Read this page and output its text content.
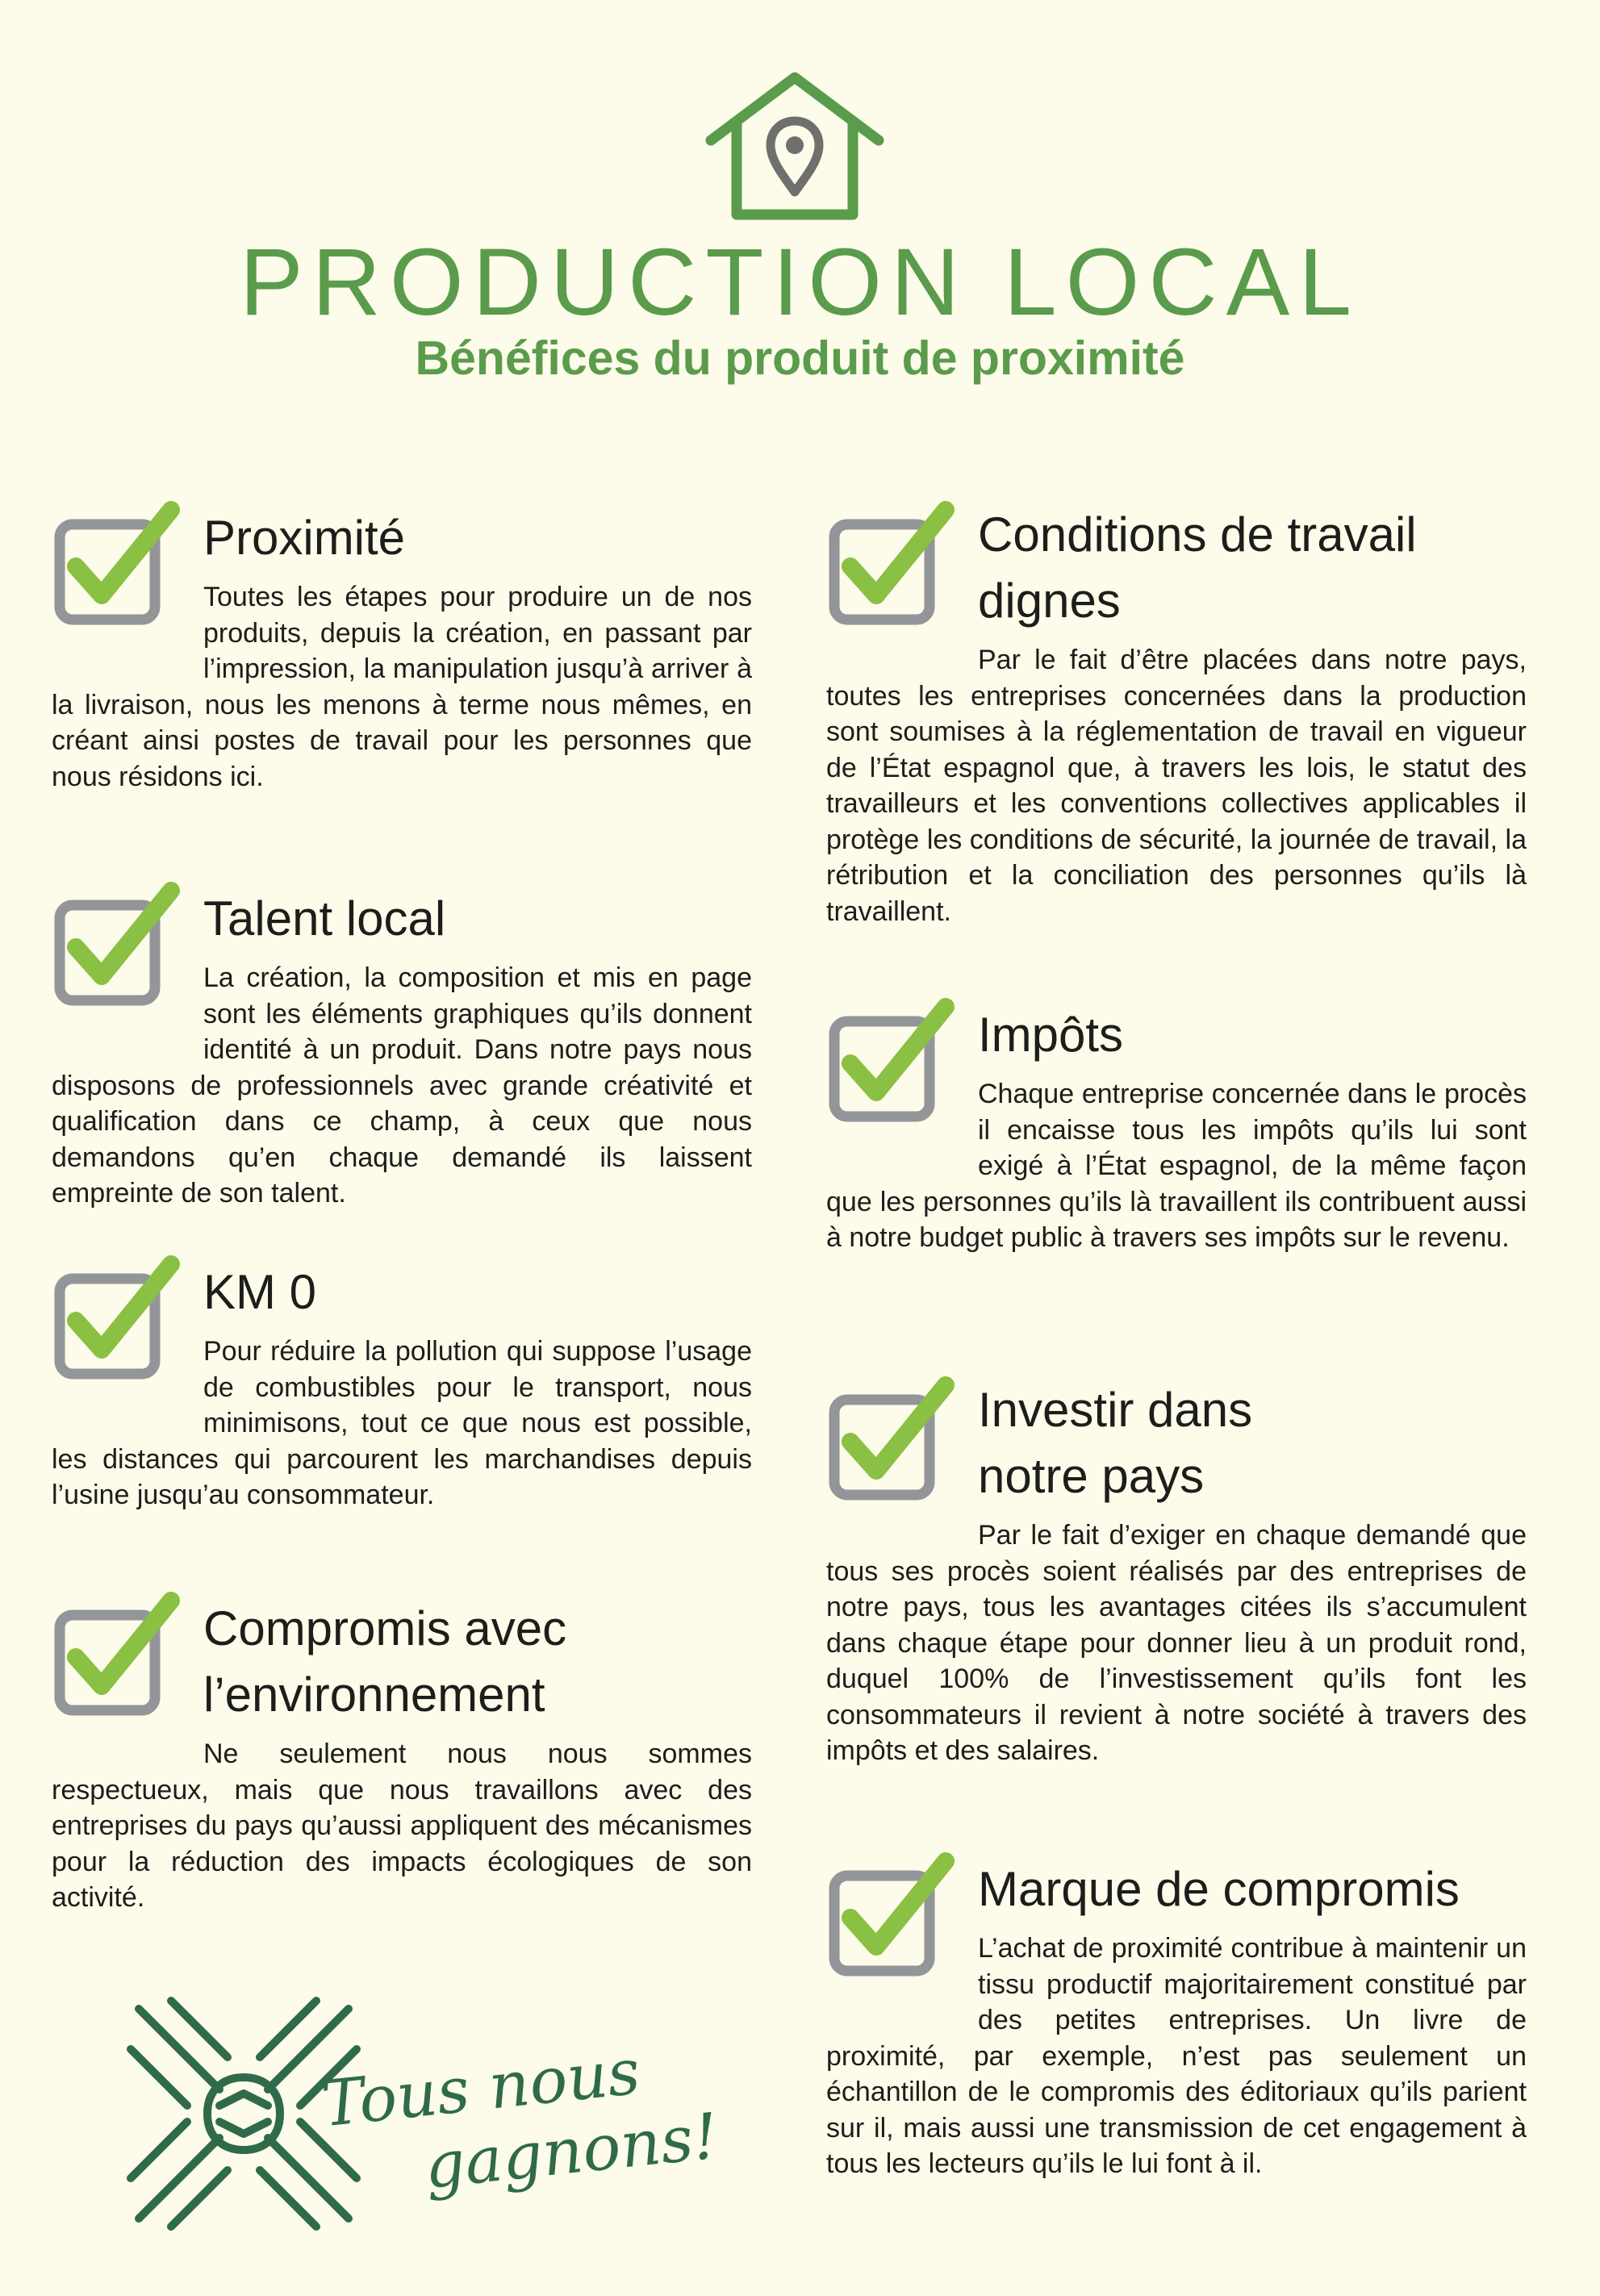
PRODUCTION LOCAL
Bénéfices du produit de proximité
Proximité

Toutes les étapes pour produire un de nos produits, depuis la création, en passant par l’impression, la manipulation jusqu’à arriver à la livraison, nous les menons à terme nous mêmes, en créant ainsi postes de travail pour les personnes que nous résidons ici.

Talent local

La création, la composition et mis en page sont les éléments graphiques qu’ils donnent identité à un produit. Dans notre pays nous disposons de professionnels avec grande créativité et qualification dans ce champ, à ceux que nous demandons qu’en chaque demandé ils laissent empreinte de son talent.

KM 0

Pour réduire la pollution qui suppose l’usage de combustibles pour le transport, nous minimisons, tout ce que nous est possible, les distances qui parcourent les marchandises depuis l’usine jusqu’au consommateur.

Compromis avec
l’environnement

Ne seulement nous nous sommes respectueux, mais que nous travaillons avec des entreprises du pays qu’aussi appliquent des mécanismes pour la réduction des impacts écologiques de son activité.

Conditions de travail
dignes

Par le fait d’être placées dans notre pays, toutes les entreprises concernées dans la production sont soumises à la réglementation de travail en vigueur de l’État espagnol que, à travers les lois, le statut des travailleurs et les conventions collectives applicables il protège les conditions de sécurité, la journée de travail, la rétribution et la conciliation des personnes qu’ils là travaillent.

Impôts

Chaque entreprise concernée dans le procès il encaisse tous les impôts qu’ils lui sont exigé à l’État espagnol, de la même façon que les personnes qu’ils là travaillent ils contribuent aussi à notre budget public à travers ses impôts sur le revenu.

Investir dans
notre pays

Par le fait d’exiger en chaque demandé que tous ses procès soient réalisés par des entreprises de notre pays, tous les avantages citées ils s’accumulent dans chaque étape pour donner lieu à un produit rond, duquel 100% de l’investissement qu’ils font les consommateurs il revient à notre société à travers des impôts et des salaires.

Marque de compromis

L’achat de proximité contribue à maintenir un tissu productif majoritairement constitué par des petites entreprises. Un livre de proximité, par exemple, n’est pas seulement un échantillon de le compromis des éditoriaux qu’ils parient sur il, mais aussi une transmission de cet engagement à tous les lecteurs qu’ils le lui font à il.

Tous nous
gagnons!
